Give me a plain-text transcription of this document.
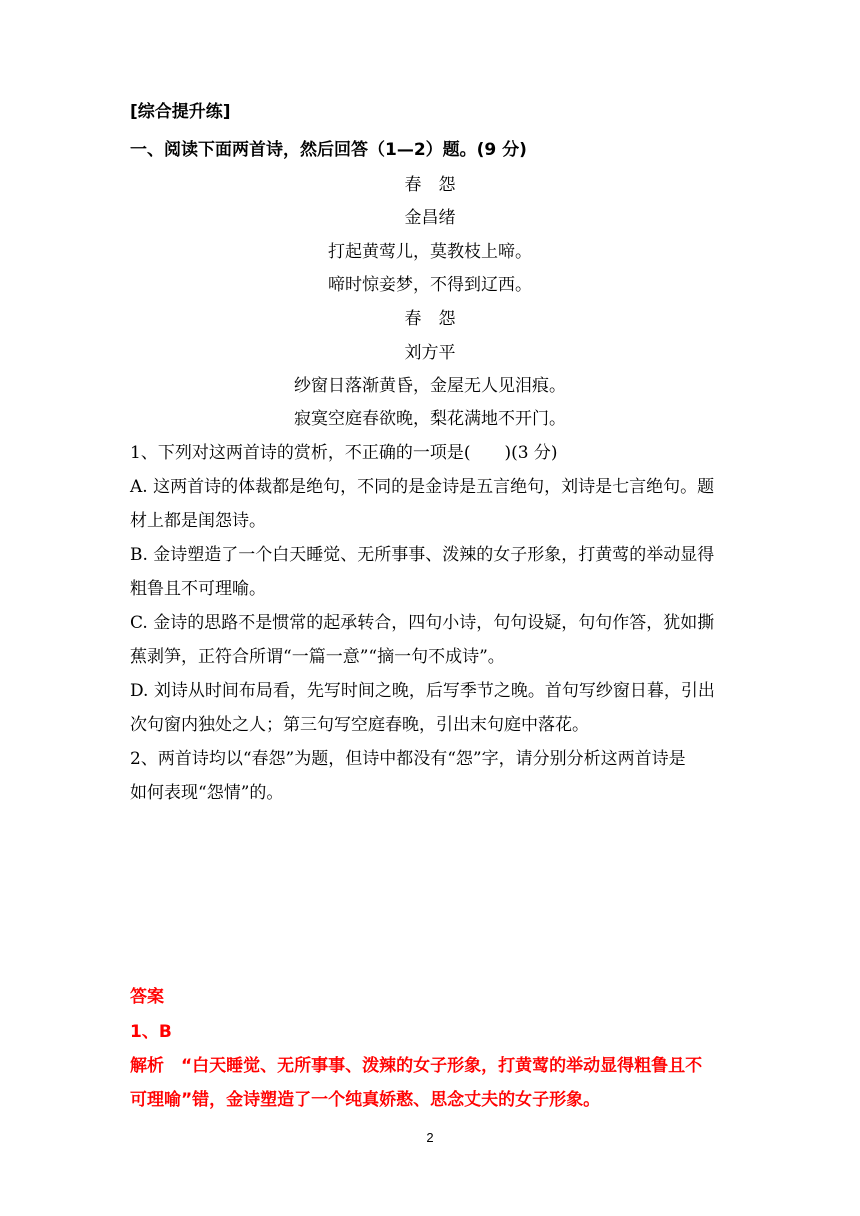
[综合提升练]
一、阅读下面两首诗，然后回答（1—2）题。(9 分)
春　怨
金昌绪
打起黄莺儿，莫教枝上啼。
啼时惊妾梦，不得到辽西。
春　怨
刘方平
纱窗日落渐黄昏，金屋无人见泪痕。
寂寞空庭春欲晚，梨花满地不开门。
1、下列对这两首诗的赏析，不正确的一项是(　　)(3 分)
A. 这两首诗的体裁都是绝句，不同的是金诗是五言绝句，刘诗是七言绝句。题
材上都是闺怨诗。
B. 金诗塑造了一个白天睡觉、无所事事、泼辣的女子形象，打黄莺的举动显得
粗鲁且不可理喻。
C. 金诗的思路不是惯常的起承转合，四句小诗，句句设疑，句句作答，犹如撕
蕉剥笋，正符合所谓“一篇一意”“摘一句不成诗”。
D. 刘诗从时间布局看，先写时间之晚，后写季节之晚。首句写纱窗日暮，引出
次句窗内独处之人；第三句写空庭春晚，引出末句庭中落花。
2、两首诗均以“春怨”为题，但诗中都没有“怨”字，请分别分析这两首诗是
如何表现“怨情”的。
答案
1、B
解析　“白天睡觉、无所事事、泼辣的女子形象，打黄莺的举动显得粗鲁且不
可理喻”错，金诗塑造了一个纯真娇憨、思念丈夫的女子形象。
2
